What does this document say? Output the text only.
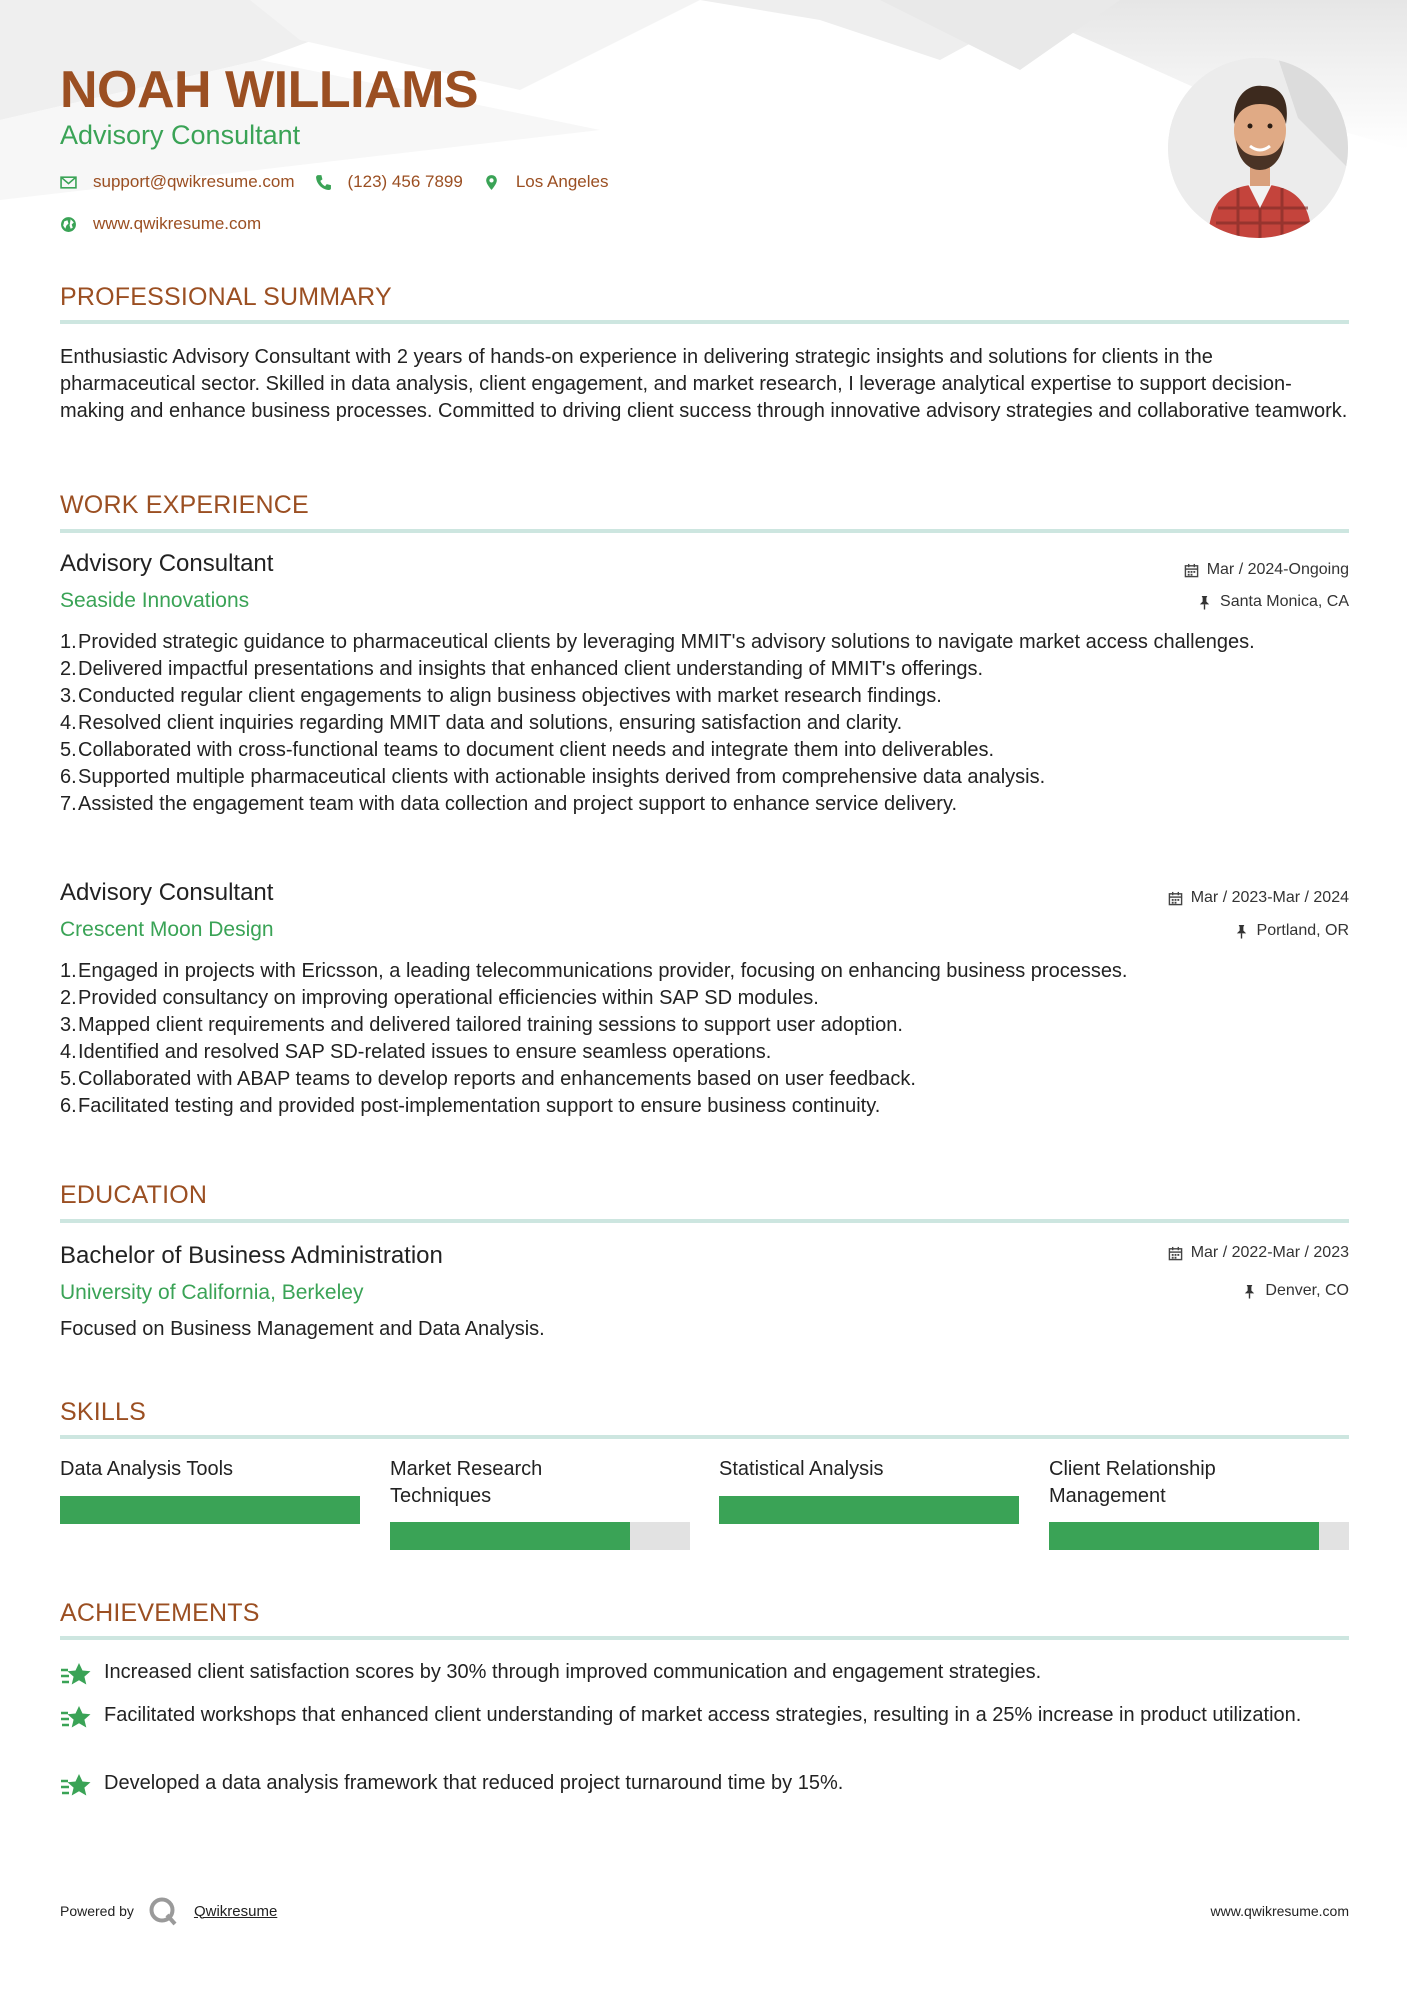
NOAH WILLIAMS
Advisory Consultant
support@qwikresume.com	(123) 456 7899	Los Angeles
www.qwikresume.com
PROFESSIONAL SUMMARY
Enthusiastic Advisory Consultant with 2 years of hands-on experience in delivering strategic insights and solutions for clients in the pharmaceutical sector. Skilled in data analysis, client engagement, and market research, I leverage analytical expertise to support decision-making and enhance business processes. Committed to driving client success through innovative advisory strategies and collaborative teamwork.
WORK EXPERIENCE
Advisory Consultant
Seaside Innovations
Mar / 2024-Ongoing
Santa Monica, CA
1. Provided strategic guidance to pharmaceutical clients by leveraging MMIT's advisory solutions to navigate market access challenges.
2. Delivered impactful presentations and insights that enhanced client understanding of MMIT's offerings.
3. Conducted regular client engagements to align business objectives with market research findings.
4. Resolved client inquiries regarding MMIT data and solutions, ensuring satisfaction and clarity.
5. Collaborated with cross-functional teams to document client needs and integrate them into deliverables.
6. Supported multiple pharmaceutical clients with actionable insights derived from comprehensive data analysis.
7. Assisted the engagement team with data collection and project support to enhance service delivery.
Advisory Consultant
Crescent Moon Design
Mar / 2023-Mar / 2024
Portland, OR
1. Engaged in projects with Ericsson, a leading telecommunications provider, focusing on enhancing business processes.
2. Provided consultancy on improving operational efficiencies within SAP SD modules.
3. Mapped client requirements and delivered tailored training sessions to support user adoption.
4. Identified and resolved SAP SD-related issues to ensure seamless operations.
5. Collaborated with ABAP teams to develop reports and enhancements based on user feedback.
6. Facilitated testing and provided post-implementation support to ensure business continuity.
EDUCATION
Bachelor of Business Administration
University of California, Berkeley
Mar / 2022-Mar / 2023
Denver, CO
Focused on Business Management and Data Analysis.
SKILLS
Data Analysis Tools	Market Research Techniques
Statistical Analysis	Client Relationship Management
ACHIEVEMENTS
Increased client satisfaction scores by 30% through improved communication and engagement strategies.
Facilitated workshops that enhanced client understanding of market access strategies, resulting in a 25% increase in product utilization.
Developed a data analysis framework that reduced project turnaround time by 15%.
Powered by	Qwikresume	www.qwikresume.com
